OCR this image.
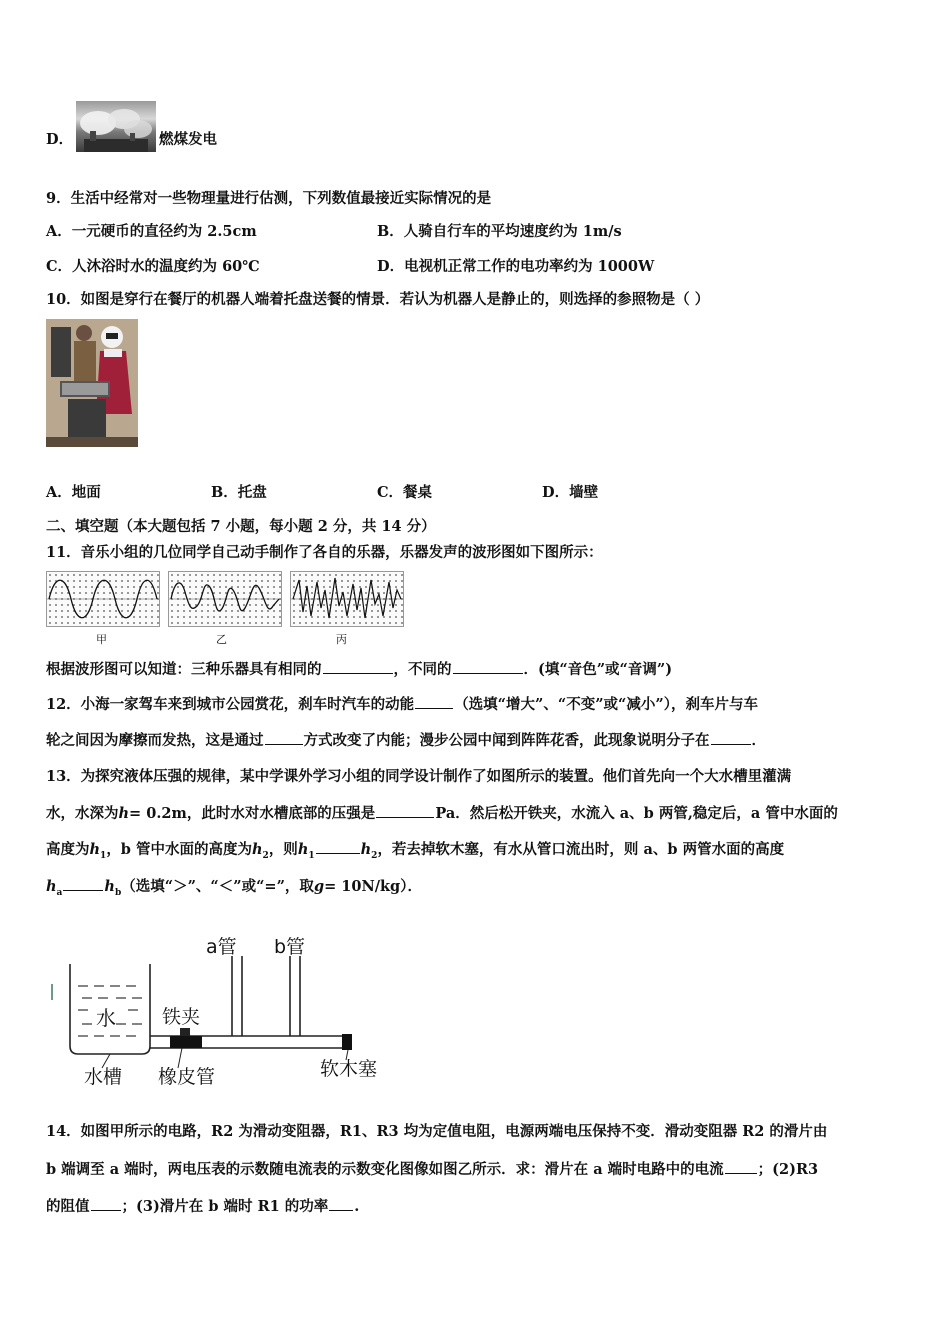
D．	燃煤发电
9．生活中经常对一些物理量进行估测，下列数值最接近实际情况的是
A．一元硬币的直径约为 2.5cm	B．人骑自行车的平均速度约为 1m/s
C．人沐浴时水的温度约为 60℃	D．电视机正常工作的电功率约为 1000W
10．如图是穿行在餐厅的机器人端着托盘送餐的情景．若认为机器人是静止的，则选择的参照物是（ ）
A．地面	B．托盘	C．餐桌	D．墙壁
二、填空题（本大题包括 7 小题，每小题 2 分，共 14 分）
11．音乐小组的几位同学自己动手制作了各自的乐器，乐器发声的波形图如下图所示：
甲	乙	丙
根据波形图可以知道：三种乐器具有相同的	，不同的	．(填“音色”或“音调”)
12．小海一家驾车来到城市公园赏花，刹车时汽车的动能	（选填“增大”、“不变”或“减小”），刹车片与车
轮之间因为摩擦而发热，这是通过	方式改变了内能；漫步公园中闻到阵阵花香，此现象说明分子在	．
13．为探究液体压强的规律，某中学课外学习小组的同学设计制作了如图所示的装置。他们首先向一个大水槽里灌满
水，水深为h= 0.2m，此时水对水槽底部的压强是	Pa．然后松开铁夹，水流入 a、b 两管,稳定后，a 管中水面的
高度为$h_1$，b 管中水面的高度为$h_2$，则$h_1$	$h_2$，若去掉软木塞，有水从管口流出时，则 a、b 两管水面的高度
$h_a$	$h_b$（选填“＞”、“＜”或“=”，取g= 10N/kg）．
a管 b管
水 铁夹
水槽 橡皮管	软木塞
14．如图甲所示的电路，R2 为滑动变阻器，R1、R3 均为定值电阻，电源两端电压保持不变．滑动变阻器 R2 的滑片由
b 端调至 a 端时，两电压表的示数随电流表的示数变化图像如图乙所示．求：滑片在 a 端时电路中的电流 ；(2)R3
的阻值 ；(3)滑片在 b 端时 R1 的功率 .
